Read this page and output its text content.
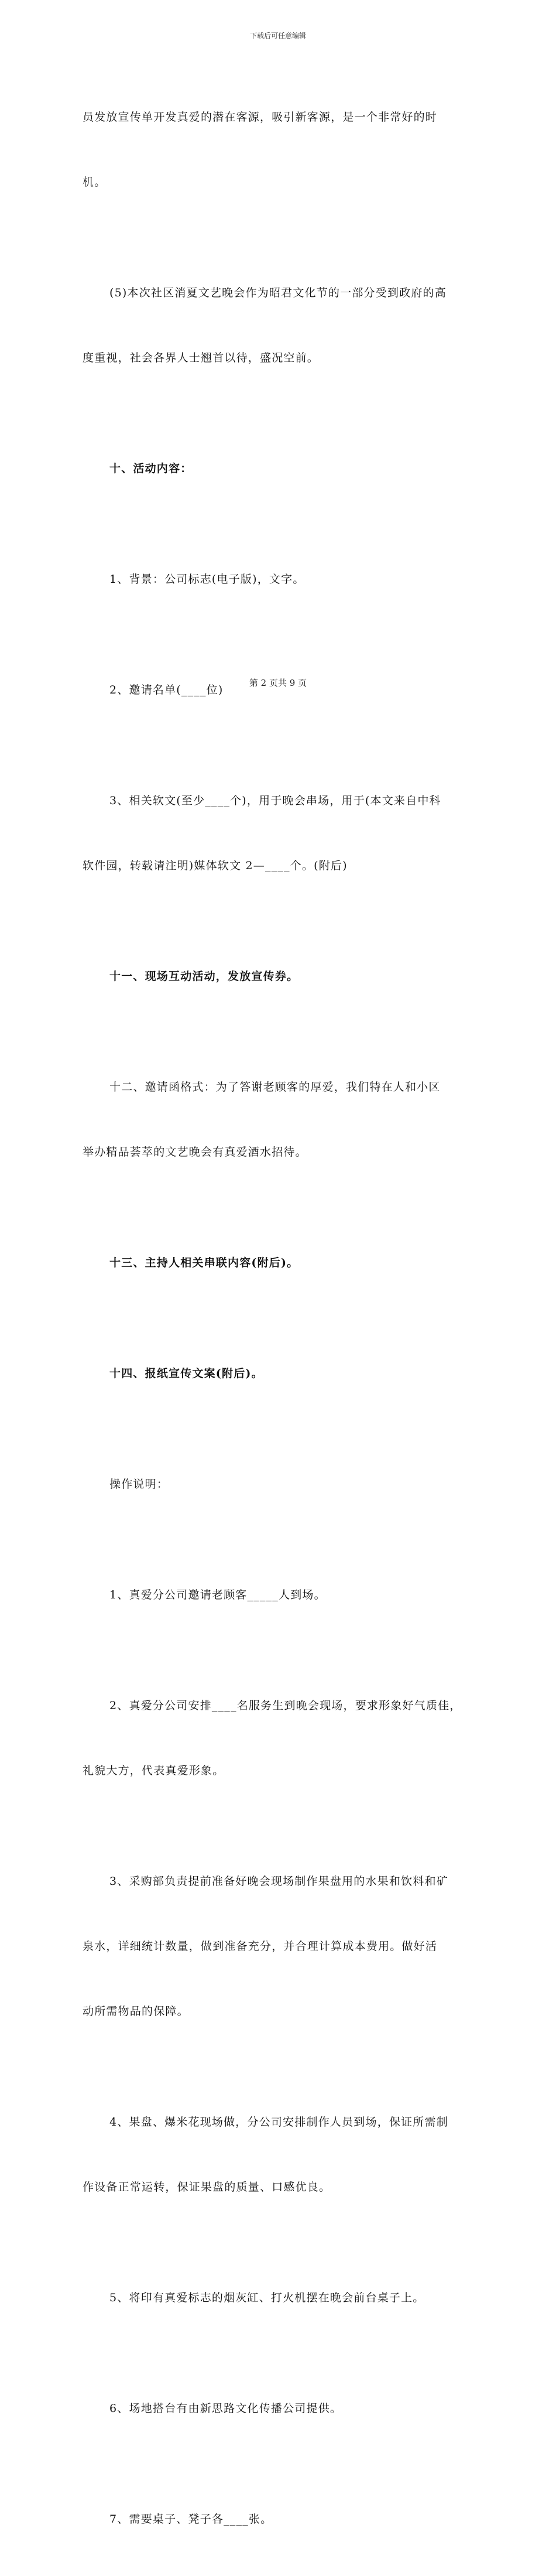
下载后可任意编辑

员发放宣传单开发真爱的潜在客源，吸引新客源，是一个非常好的时

机。

(5)本次社区消夏文艺晚会作为昭君文化节的一部分受到政府的高

度重视，社会各界人士翘首以待，盛况空前。

十、活动内容：

1、背景：公司标志(电子版)，文字。

2、邀请名单(____位)

3、相关软文(至少____个)，用于晚会串场，用于(本文来自中科

软件园，转载请注明)媒体软文 2—____个。(附后)

十一、现场互动活动，发放宣传券。

十二、邀请函格式：为了答谢老顾客的厚爱，我们特在人和小区

举办精品荟萃的文艺晚会有真爱酒水招待。

十三、主持人相关串联内容(附后)。

十四、报纸宣传文案(附后)。

操作说明：

1、真爱分公司邀请老顾客_____人到场。

2、真爱分公司安排____名服务生到晚会现场，要求形象好气质佳，

礼貌大方，代表真爱形象。

3、采购部负责提前准备好晚会现场制作果盘用的水果和饮料和矿

泉水，详细统计数量，做到准备充分，并合理计算成本费用。做好活

动所需物品的保障。

4、果盘、爆米花现场做，分公司安排制作人员到场，保证所需制

作设备正常运转，保证果盘的质量、口感优良。

5、将印有真爱标志的烟灰缸、打火机摆在晚会前台桌子上。

6、场地搭台有由新思路文化传播公司提供。

7、需要桌子、凳子各____张。

第 2 页共 9 页
